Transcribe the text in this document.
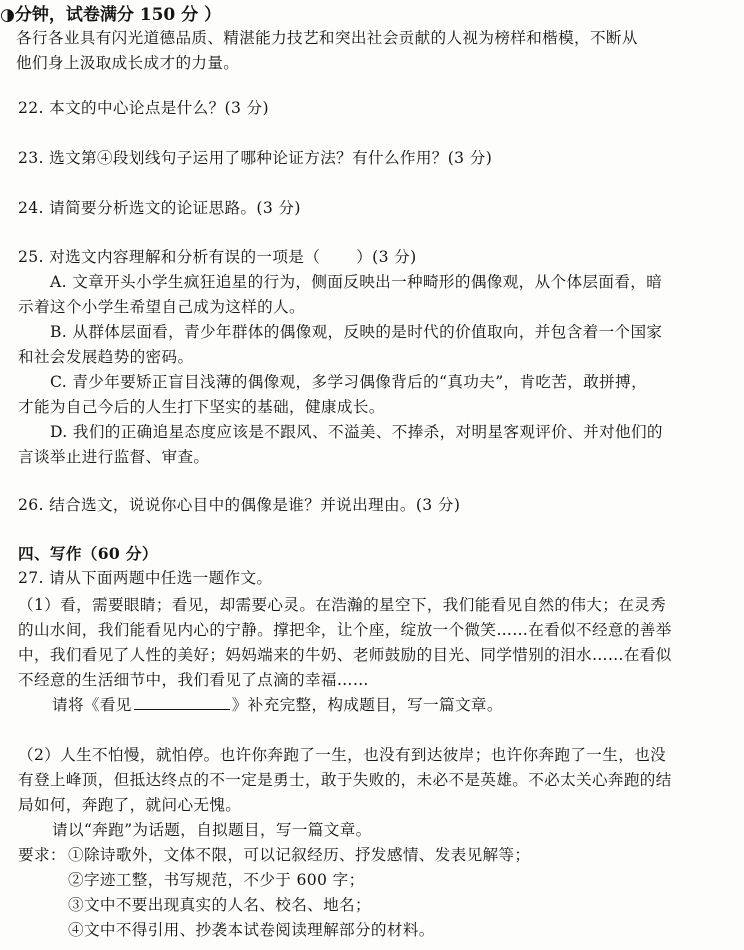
◑分钟，试卷满分 150 分 ）
各行各业具有闪光道德品质、精湛能力技艺和突出社会贡献的人视为榜样和楷模，不断从
他们身上汲取成长成才的力量。
22. 本文的中心论点是什么？(3 分)
23. 选文第④段划线句子运用了哪种论证方法？有什么作用？(3 分)
24. 请简要分析选文的论证思路。(3 分)
25. 对选文内容理解和分析有误的一项是（ ）(3 分)
A. 文章开头小学生疯狂追星的行为，侧面反映出一种畸形的偶像观，从个体层面看，暗
示着这个小学生希望自己成为这样的人。
B. 从群体层面看，青少年群体的偶像观，反映的是时代的价值取向，并包含着一个国家
和社会发展趋势的密码。
C. 青少年要矫正盲目浅薄的偶像观，多学习偶像背后的“真功夫”，肯吃苦，敢拼搏，
才能为自己今后的人生打下坚实的基础，健康成长。
D. 我们的正确追星态度应该是不跟风、不溢美、不捧杀，对明星客观评价、并对他们的
言谈举止进行监督、审查。
26. 结合选文，说说你心目中的偶像是谁？并说出理由。(3 分)
四、写作（60 分）
27. 请从下面两题中任选一题作文。
（1）看，需要眼睛；看见，却需要心灵。在浩瀚的星空下，我们能看见自然的伟大；在灵秀
的山水间，我们能看见内心的宁静。撑把伞，让个座，绽放一个微笑……在看似不经意的善举
中，我们看见了人性的美好；妈妈端来的牛奶、老师鼓励的目光、同学惜别的泪水……在看似
不经意的生活细节中，我们看见了点滴的幸福……
请将《看见	》补充完整，构成题目，写一篇文章。
（2）人生不怕慢，就怕停。也许你奔跑了一生，也没有到达彼岸；也许你奔跑了一生，也没
有登上峰顶，但抵达终点的不一定是勇士，敢于失败的，未必不是英雄。不必太关心奔跑的结
局如何，奔跑了，就问心无愧。
请以“奔跑”为话题，自拟题目，写一篇文章。
要求： ①除诗歌外，文体不限，可以记叙经历、抒发感情、发表见解等；
②字迹工整，书写规范，不少于 600 字；
③文中不要出现真实的人名、校名、地名；
④文中不得引用、抄袭本试卷阅读理解部分的材料。
